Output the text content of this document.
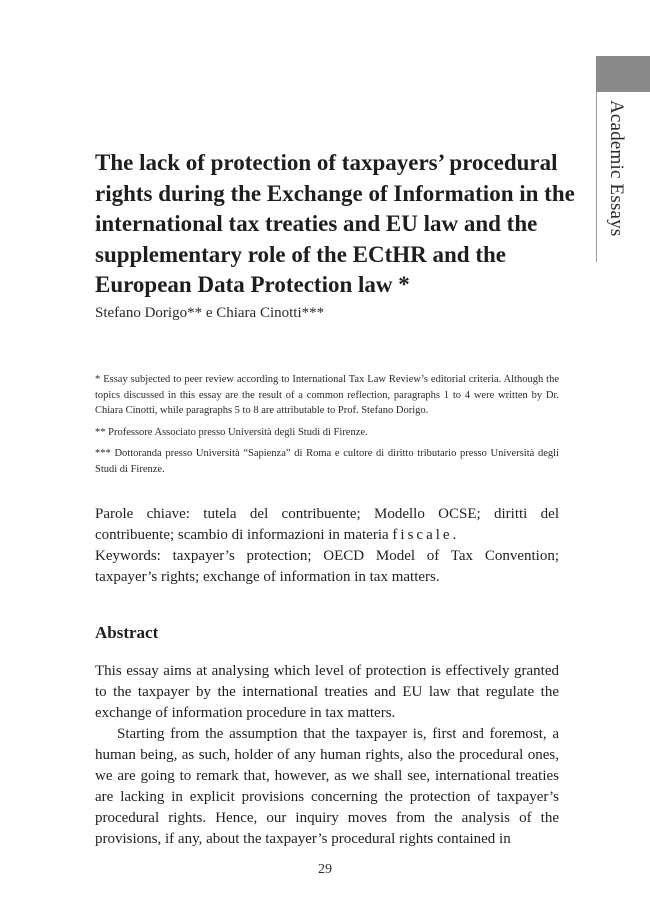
Academic Essays
The lack of protection of taxpayers’ procedural rights during the Exchange of Information in the international tax treaties and EU law and the supplementary role of the ECtHR and the European Data Protection law *
Stefano Dorigo** e Chiara Cinotti***

* Essay subjected to peer review according to International Tax Law Review’s editorial criteria. Although the topics discussed in this essay are the result of a common reflection, paragraphs 1 to 4 were written by Dr. Chiara Cinotti, while paragraphs 5 to 8 are attributable to Prof. Stefano Dorigo.

** Professore Associato presso Università degli Studi di Firenze.

*** Dottoranda presso Università “Sapienza” di Roma e cultore di diritto tributario presso Università degli Studi di Firenze.

Parole chiave: tutela del contribuente; Modello OCSE; diritti del contribuente; scambio di informazioni in materia fiscale.

Keywords: taxpayer’s protection; OECD Model of Tax Convention; taxpayer’s rights; exchange of information in tax matters.

Abstract

This essay aims at analysing which level of protection is effectively granted to the taxpayer by the international treaties and EU law that regulate the exchange of information procedure in tax matters.

Starting from the assumption that the taxpayer is, first and foremost, a human being, as such, holder of any human rights, also the procedural ones, we are going to remark that, however, as we shall see, international treaties are lacking in explicit provisions concerning the protection of taxpayer’s procedural rights. Hence, our inquiry moves from the analysis of the provisions, if any, about the taxpayer’s procedural rights contained in

29
